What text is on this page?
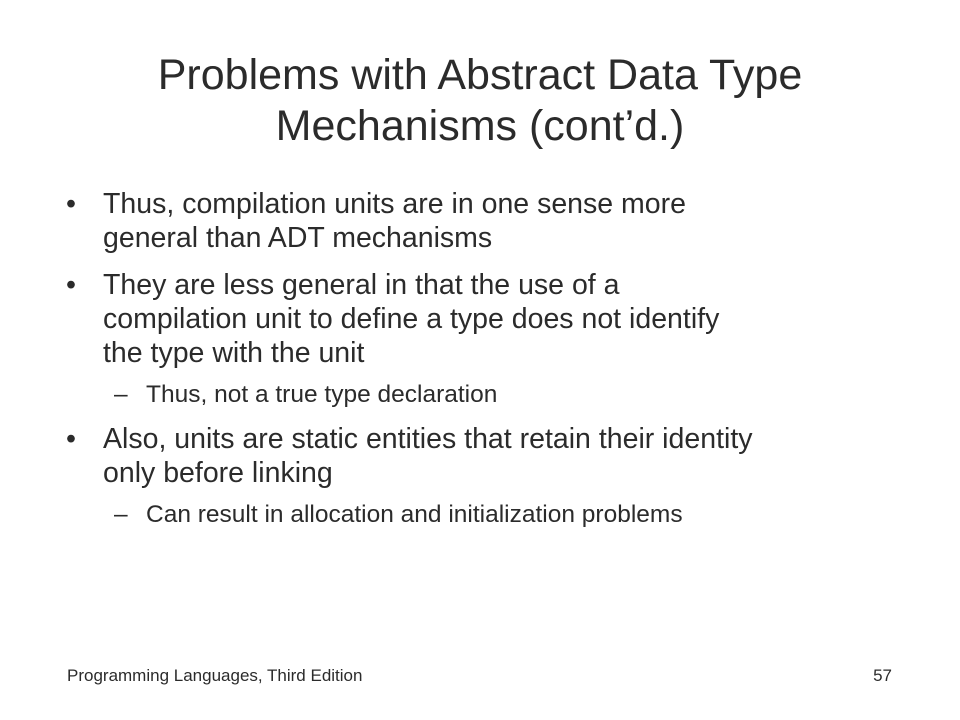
Problems with Abstract Data Type
Mechanisms (cont’d.)
• Thus, compilation units are in one sense more
general than ADT mechanisms
• They are less general in that the use of a
compilation unit to define a type does not identify
the type with the unit
– Thus, not a true type declaration
• Also, units are static entities that retain their identity
only before linking
– Can result in allocation and initialization problems
Programming Languages, Third Edition	57
